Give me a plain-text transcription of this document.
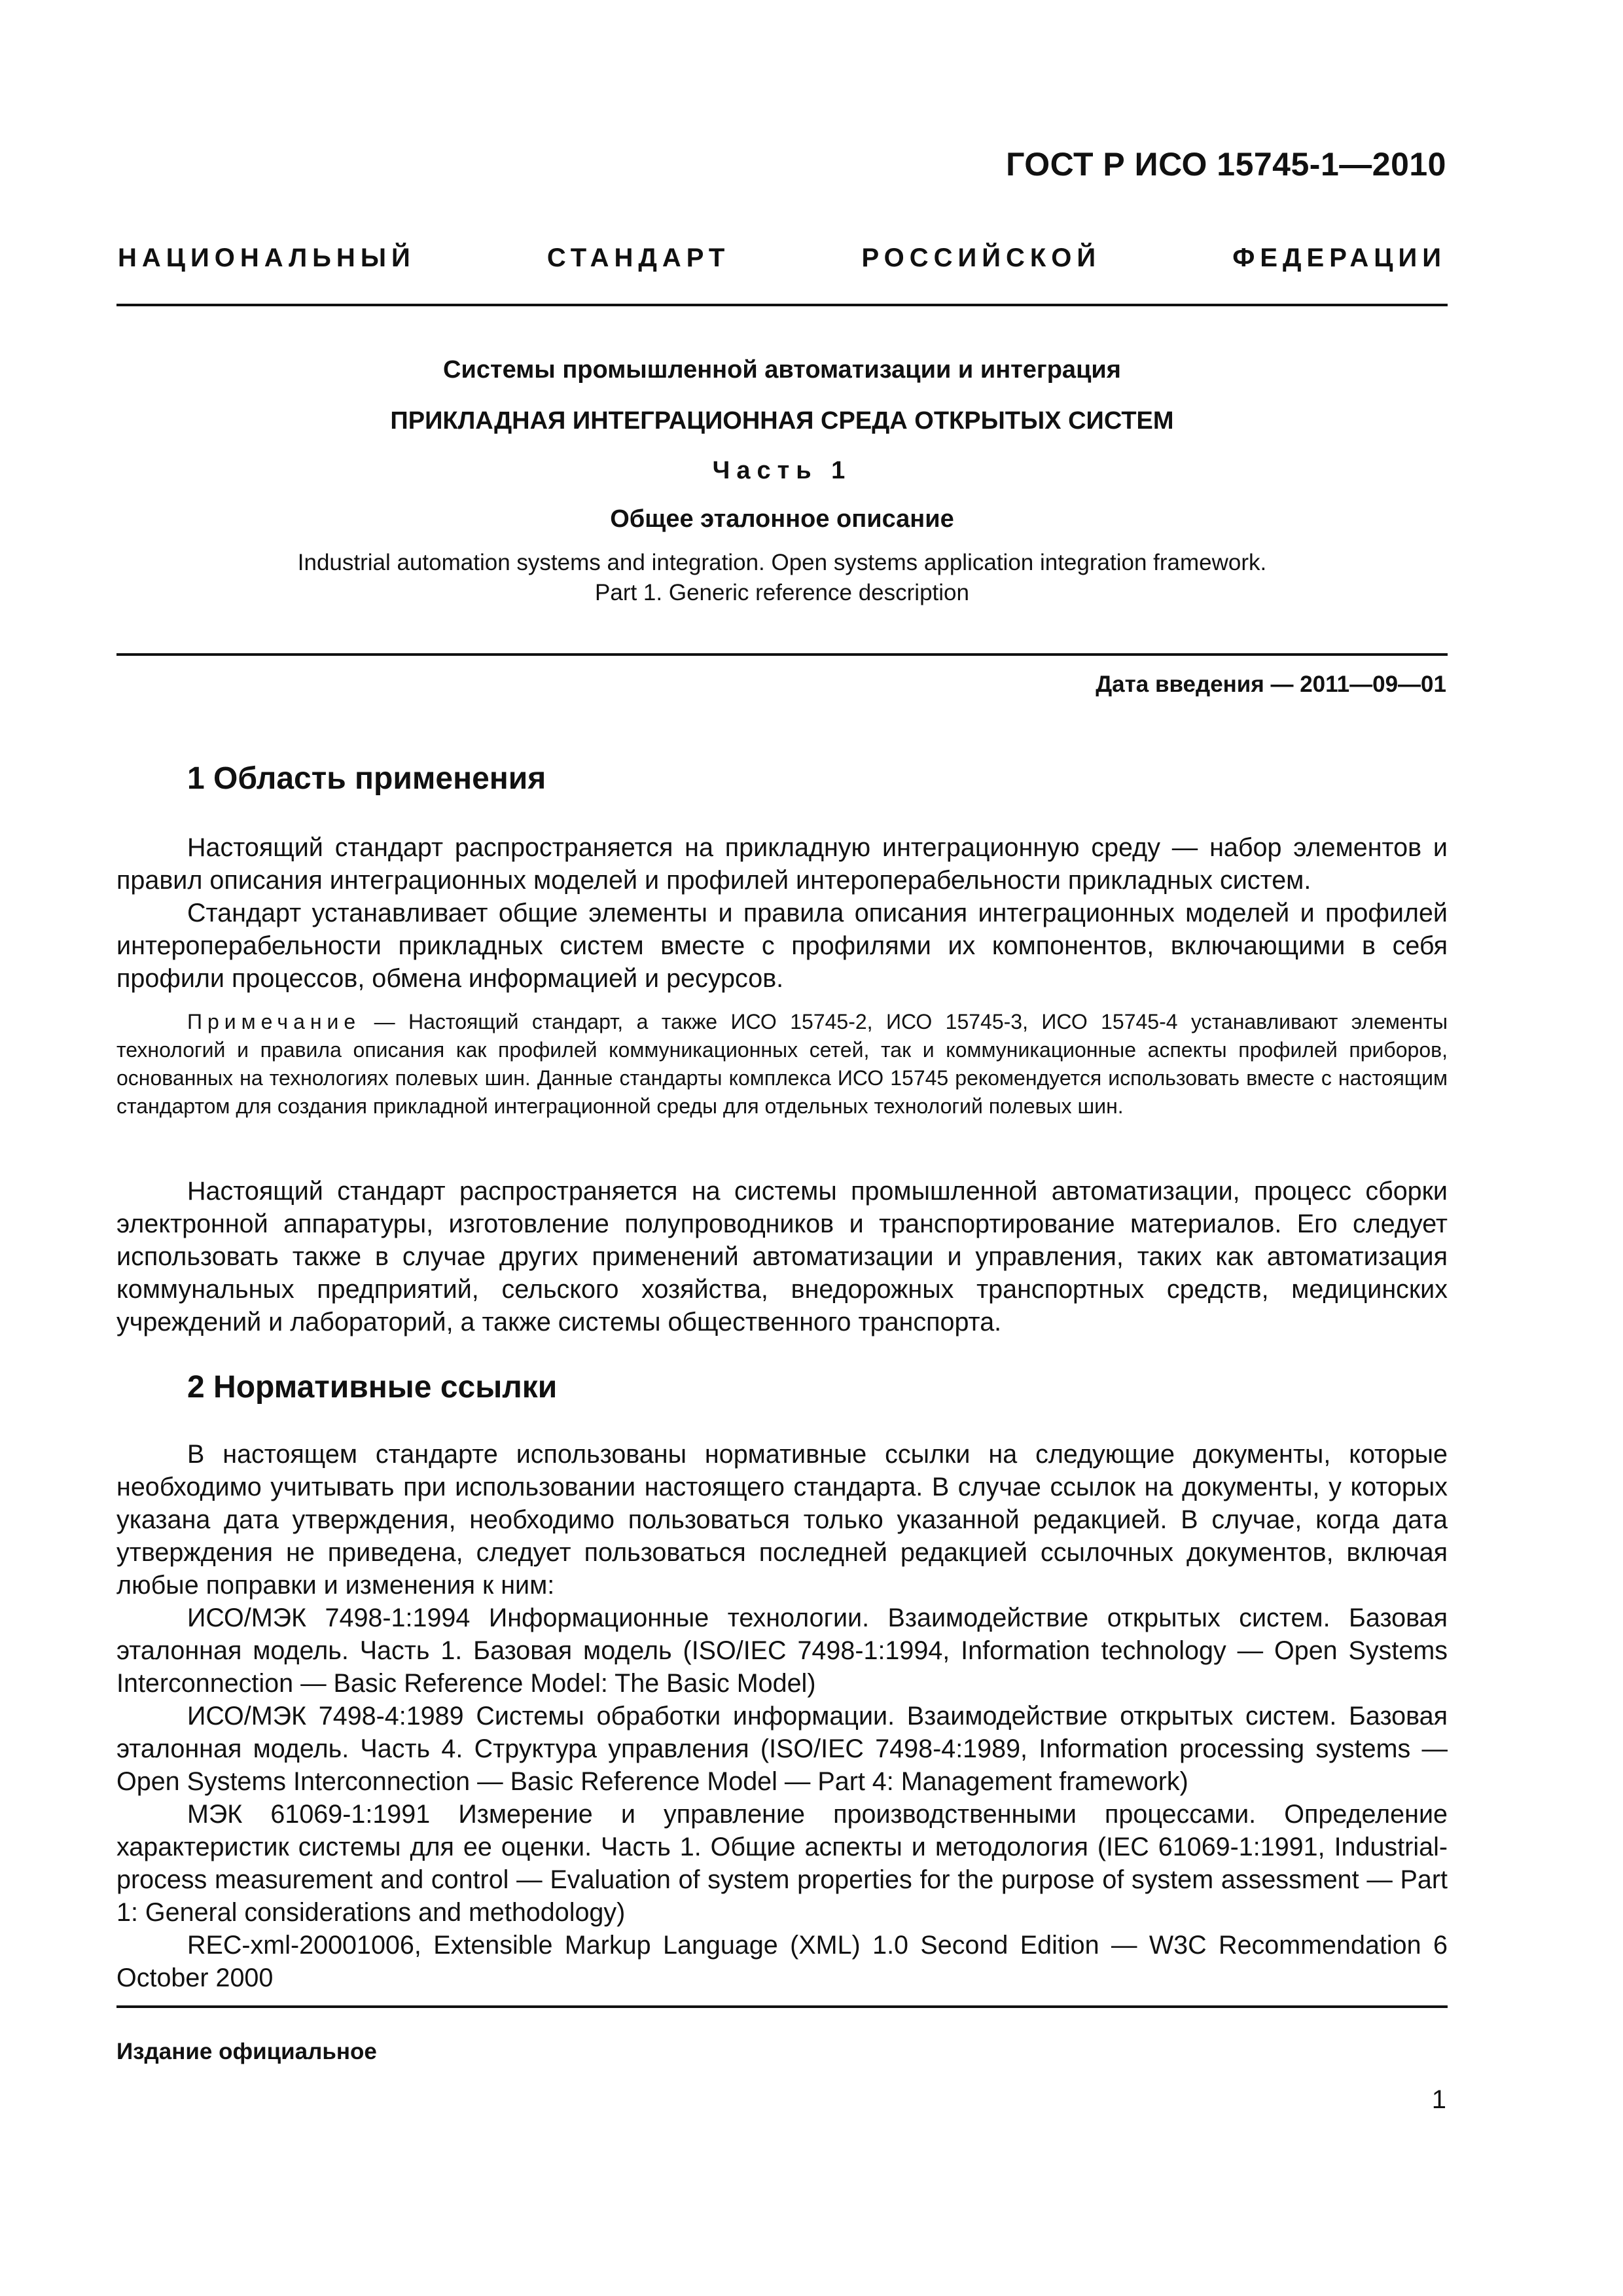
ГОСТ Р ИСО 15745-1—2010
НАЦИОНАЛЬНЫЙ	СТАНДАРТ	РОССИЙСКОЙ	ФЕДЕРАЦИИ
Системы промышленной автоматизации и интеграция
ПРИКЛАДНАЯ ИНТЕГРАЦИОННАЯ СРЕДА ОТКРЫТЫХ СИСТЕМ
Часть 1
Общее эталонное описание
Industrial automation systems and integration. Open systems application integration framework.
Part 1. Generic reference description
Дата введения — 2011—09—01
1 Область применения

Настоящий стандарт распространяется на прикладную интеграционную среду — набор элементов и правил описания интеграционных моделей и профилей интероперабельности прикладных систем.

Стандарт устанавливает общие элементы и правила описания интеграционных моделей и профилей интероперабельности прикладных систем вместе с профилями их компонентов, включающими в себя профили процессов, обмена информацией и ресурсов.

Примечание — Настоящий стандарт, а также ИСО 15745-2, ИСО 15745-3, ИСО 15745-4 устанавливают элементы технологий и правила описания как профилей коммуникационных сетей, так и коммуникационные аспекты профилей приборов, основанных на технологиях полевых шин. Данные стандарты комплекса ИСО 15745 рекомендуется использовать вместе с настоящим стандартом для создания прикладной интеграционной среды для отдельных технологий полевых шин.

Настоящий стандарт распространяется на системы промышленной автоматизации, процесс сборки электронной аппаратуры, изготовление полупроводников и транспортирование материалов. Его следует использовать также в случае других применений автоматизации и управления, таких как автоматизация коммунальных предприятий, сельского хозяйства, внедорожных транспортных средств, медицинских учреждений и лабораторий, а также системы общественного транспорта.

2 Нормативные ссылки

В настоящем стандарте использованы нормативные ссылки на следующие документы, которые необходимо учитывать при использовании настоящего стандарта. В случае ссылок на документы, у которых указана дата утверждения, необходимо пользоваться только указанной редакцией. В случае, когда дата утверждения не приведена, следует пользоваться последней редакцией ссылочных документов, включая любые поправки и изменения к ним:

ИСО/МЭК 7498-1:1994 Информационные технологии. Взаимодействие открытых систем. Базовая эталонная модель. Часть 1. Базовая модель (ISO/IEC 7498-1:1994, Information technology — Open Systems Interconnection — Basic Reference Model: The Basic Model)

ИСО/МЭК 7498-4:1989 Системы обработки информации. Взаимодействие открытых систем. Базовая эталонная модель. Часть 4. Структура управления (ISO/IEC 7498-4:1989, Information processing systems — Open Systems Interconnection — Basic Reference Model — Part 4: Management framework)

МЭК 61069-1:1991 Измерение и управление производственными процессами. Определение характеристик системы для ее оценки. Часть 1. Общие аспекты и методология (IEC 61069-1:1991, Industrial-process measurement and control — Evaluation of system properties for the purpose of system assessment — Part 1: General considerations and methodology)

REC-xml-20001006, Extensible Markup Language (XML) 1.0 Second Edition — W3C Recommendation 6 October 2000

Издание официальное
1
